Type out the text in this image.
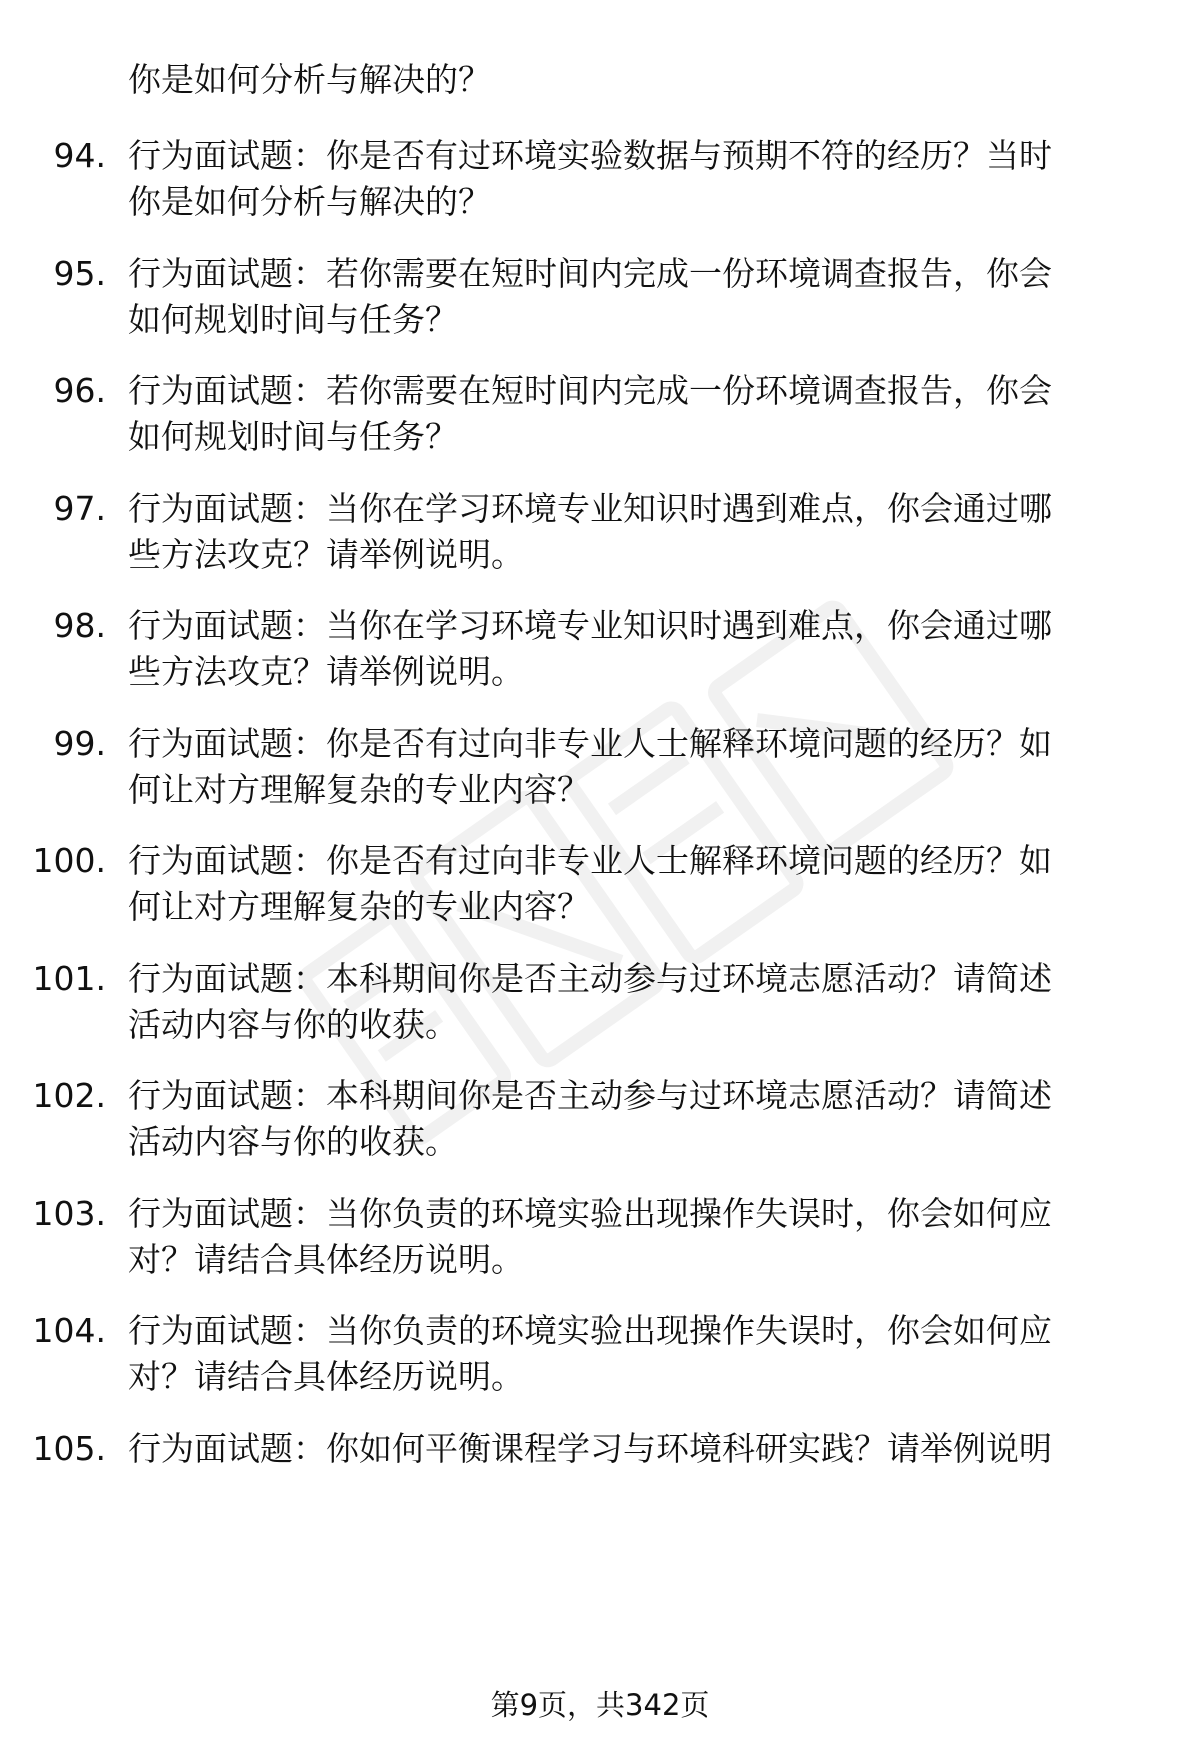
你是如何分析与解决的？
94. 行为面试题：你是否有过环境实验数据与预期不符的经历？当时
你是如何分析与解决的？
95. 行为面试题：若你需要在短时间内完成一份环境调查报告，你会
如何规划时间与任务？
96. 行为面试题：若你需要在短时间内完成一份环境调查报告，你会
如何规划时间与任务？
97. 行为面试题：当你在学习环境专业知识时遇到难点，你会通过哪
些方法攻克？请举例说明。
98. 行为面试题：当你在学习环境专业知识时遇到难点，你会通过哪
些方法攻克？请举例说明。
99. 行为面试题：你是否有过向非专业人士解释环境问题的经历？如
何让对方理解复杂的专业内容？
100. 行为面试题：你是否有过向非专业人士解释环境问题的经历？如
何让对方理解复杂的专业内容？
101. 行为面试题：本科期间你是否主动参与过环境志愿活动？请简述
活动内容与你的收获。
102. 行为面试题：本科期间你是否主动参与过环境志愿活动？请简述
活动内容与你的收获。
103. 行为面试题：当你负责的环境实验出现操作失误时，你会如何应
对？请结合具体经历说明。
104. 行为面试题：当你负责的环境实验出现操作失误时，你会如何应
对？请结合具体经历说明。
105. 行为面试题：你如何平衡课程学习与环境科研实践？请举例说明
第9页，共342页
